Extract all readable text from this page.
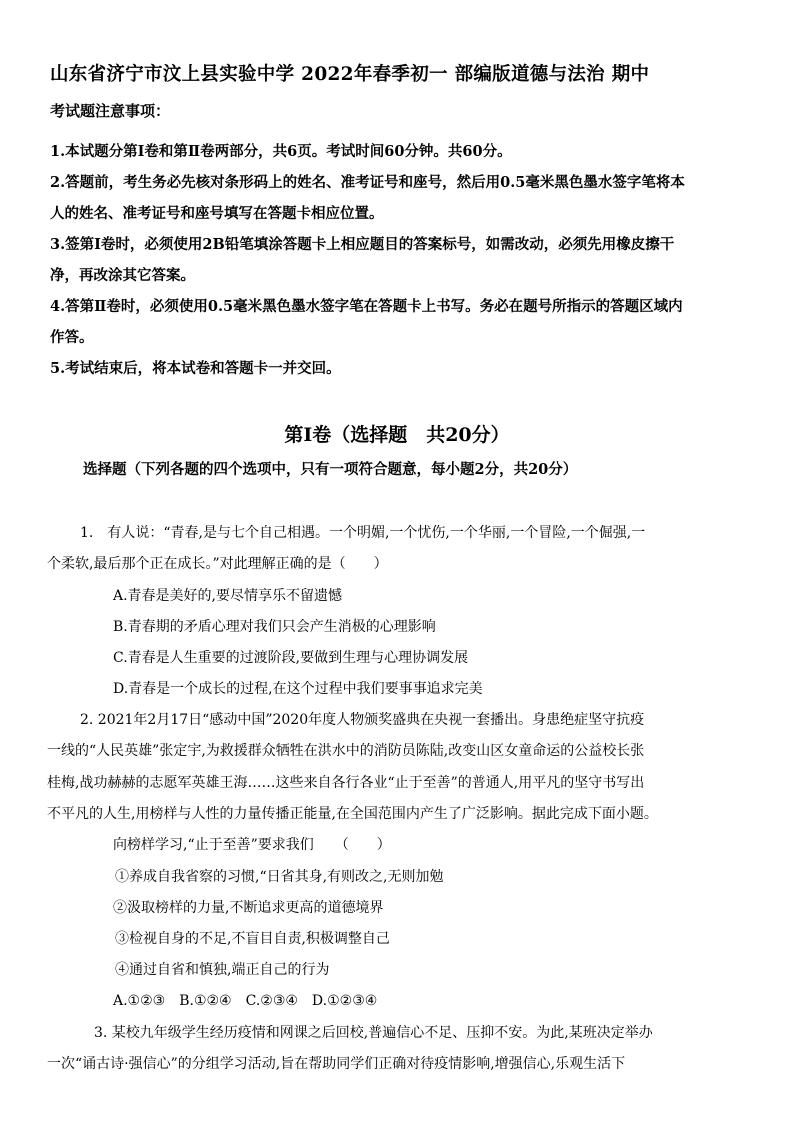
山东省济宁市汶上县实验中学 2022年春季初一 部编版道德与法治 期中
考试题注意事项：
1.本试题分第Ⅰ卷和第Ⅱ卷两部分，共6页。考试时间60分钟。共60分。
2.答题前，考生务必先核对条形码上的姓名、准考证号和座号，然后用0.5毫米黑色墨水签字笔将本
人的姓名、准考证号和座号填写在答题卡相应位置。
3.签第Ⅰ卷时，必须使用2B铅笔填涂答题卡上相应题目的答案标号，如需改动，必须先用橡皮擦干
净，再改涂其它答案。
4.答第Ⅱ卷时，必须使用0.5毫米黑色墨水签字笔在答题卡上书写。务必在题号所指示的答题区域内
作答。
5.考试结束后，将本试卷和答题卡一并交回。
第Ⅰ卷（选择题　共20分）
选择题（下列各题的四个选项中，只有一项符合题意，每小题2分，共20分）
1.　有人说：“青春,是与七个自己相遇。一个明媚,一个忧伤,一个华丽,一个冒险,一个倔强,一
个柔软,最后那个正在成长。”对此理解正确的是（　　）
A.青春是美好的,要尽情享乐不留遗憾
B.青春期的矛盾心理对我们只会产生消极的心理影响
C.青春是人生重要的过渡阶段,要做到生理与心理协调发展
D.青春是一个成长的过程,在这个过程中我们要事事追求完美
2. 2021年2月17日“感动中国”2020年度人物颁奖盛典在央视一套播出。身患绝症坚守抗疫
一线的“人民英雄”张定宇,为救援群众牺牲在洪水中的消防员陈陆,改变山区女童命运的公益校长张
桂梅,战功赫赫的志愿军英雄王海……这些来自各行各业“止于至善”的普通人,用平凡的坚守书写出
不平凡的人生,用榜样与人性的力量传播正能量,在全国范围内产生了广泛影响。据此完成下面小题。
向榜样学习,“止于至善”要求我们　　（　　）
①养成自我省察的习惯,“日省其身,有则改之,无则加勉
②汲取榜样的力量,不断追求更高的道德境界
③检视自身的不足,不盲目自责,积极调整自己
④通过自省和慎独,端正自己的行为
A.①②③　B.①②④　C.②③④　D.①②③④
3. 某校九年级学生经历疫情和网课之后回校,普遍信心不足、压抑不安。为此,某班决定举办
一次“诵古诗·强信心”的分组学习活动,旨在帮助同学们正确对待疫情影响,增强信心,乐观生活下
